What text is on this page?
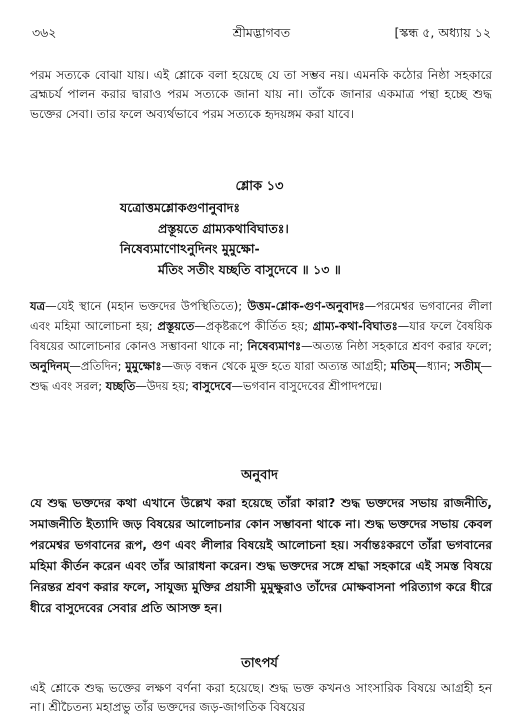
৩৬২	শ্রীমদ্ভাগবত	[স্কন্ধ ৫, অধ্যায় ১২

পরম সত্যকে বোঝা যায়। এই শ্লোকে বলা হয়েছে যে তা সম্ভব নয়। এমনকি কঠোর নিষ্ঠা সহকারে ব্রহ্মচর্য পালন করার দ্বারাও পরম সত্যকে জানা যায় না। তাঁকে জানার একমাত্র পন্থা হচ্ছে শুদ্ধ ভক্তের সেবা। তার ফলে অব্যর্থভাবে পরম সত্যকে হৃদয়ঙ্গম করা যাবে।

শ্লোক ১৩
যত্রোত্তমশ্লোকগুণানুবাদঃ
প্রস্তূয়তে গ্রাম্যকথাবিঘাতঃ।
নিষেব্যমাণোঽনুদিনং মুমুক্ষো-
র্মতিং সতীং যচ্ছতি বাসুদেবে ॥ ১৩ ॥

যত্র—যেই স্থানে (মহান ভক্তদের উপস্থিতিতে); উত্তম-শ্লোক-গুণ-অনুবাদঃ—পরমেশ্বর ভগবানের লীলা এবং মহিমা আলোচনা হয়; প্রস্তূয়তে—প্রকৃষ্টরূপে কীর্তিত হয়; গ্রাম্য-কথা-বিঘাতঃ—যার ফলে বৈষয়িক বিষয়ের আলোচনার কোনও সম্ভাবনা থাকে না; নিষেব্যমাণঃ—অত্যন্ত নিষ্ঠা সহকারে শ্রবণ করার ফলে; অনুদিনম্—প্রতিদিন; মুমুক্ষোঃ—জড় বন্ধন থেকে মুক্ত হতে যারা অত্যন্ত আগ্রহী; মতিম্—ধ্যান; সতীম্—শুদ্ধ এবং সরল; যচ্ছতি—উদয় হয়; বাসুদেবে—ভগবান বাসুদেবের শ্রীপাদপদ্মে।

অনুবাদ

যে শুদ্ধ ভক্তদের কথা এখানে উল্লেখ করা হয়েছে তাঁরা কারা? শুদ্ধ ভক্তদের সভায় রাজনীতি, সমাজনীতি ইত্যাদি জড় বিষয়ের আলোচনার কোন সম্ভাবনা থাকে না। শুদ্ধ ভক্তদের সভায় কেবল পরমেশ্বর ভগবানের রূপ, গুণ এবং লীলার বিষয়েই আলোচনা হয়। সর্বান্তঃকরণে তাঁরা ভগবানের মহিমা কীর্তন করেন এবং তাঁর আরাধনা করেন। শুদ্ধ ভক্তদের সঙ্গে শ্রদ্ধা সহকারে এই সমস্ত বিষয়ে নিরন্তর শ্রবণ করার ফলে, সাযুজ্য মুক্তির প্রয়াসী মুমুক্ষুরাও তাঁদের মোক্ষবাসনা পরিত্যাগ করে ধীরে ধীরে বাসুদেবের সেবার প্রতি আসক্ত হন।

তাৎপর্য

এই শ্লোকে শুদ্ধ ভক্তের লক্ষণ বর্ণনা করা হয়েছে। শুদ্ধ ভক্ত কখনও সাংসারিক বিষয়ে আগ্রহী হন না। শ্রীচৈতন্য মহাপ্রভু তাঁর ভক্তদের জড়-জাগতিক বিষয়ের
